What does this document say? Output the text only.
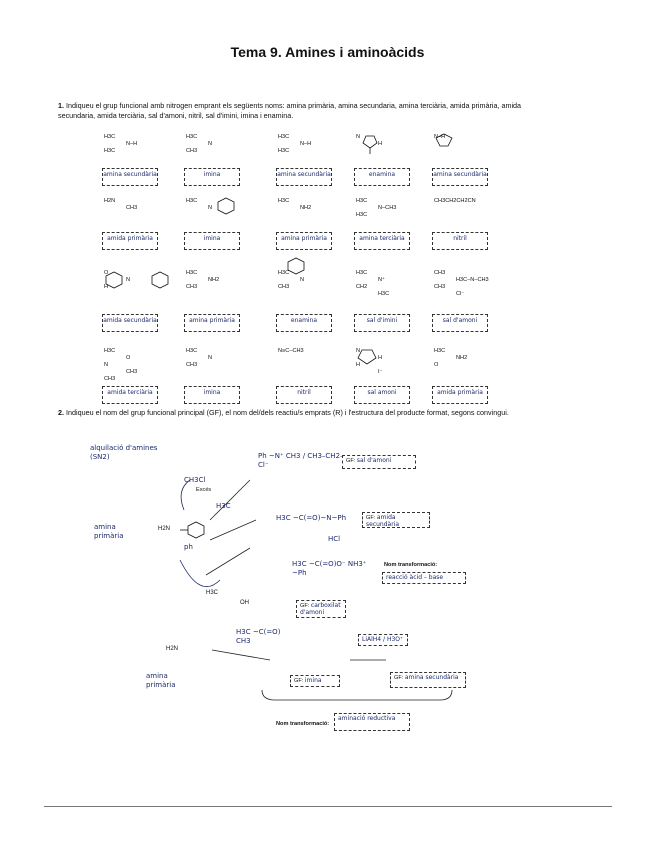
Tema 9. Amines i aminoàcids
1. Indiqueu el grup funcional amb nitrogen emprant els següents noms: amina primària, amina secundaria, amina terciària, amida primària, amida secundaria, amida terciària, sal d'amoni, nitril, sal d'imini, imina i enamina.
H3C
N–H
H3C
amina secundària
H3C
N
CH3
imina
H3C
N–H
H3C
amina secundària
N
H
enamina
N–H
amina secundària
H2N
CH3
amida primària
H3C
N
imina
H3C
NH2
amina primària
H3C
N–CH3
H3C
amina terciària
CH3CH2CH2CN
nitril
O
N
H
amida secundària
H3C
NH2
CH3
amina primària
H3C
N
CH3
enamina
H3C
N⁺
CH2
H3C
sal d'imini
CH3
H3C–N–CH3
CH3
Cl⁻
sal d'amoni
H3C
O
N
CH3
CH3
amida terciària
H3C
N
CH3
imina
N≡C–CH3
nitril
N
H
H
I⁻
sal amoni
H3C
NH2
O
amida primària
2. Indiqueu el nom del grup funcional principal (GF), el nom del/dels reactiu/s emprats (R) i l'estructura del producte format, segons convingui.
alquilació d'amines (SN2)
amina primària
amina primària
ph
CH3Cl
Excés
H2N
Ph ~N⁺ CH3 / CH3–CH2–Cl⁻	GF: sal d'amoni
H3C
H3C ~C(=O)~N~Ph
HCl
GF: amida secundària
H3C ~C(=O)O⁻ NH3⁺ ~Ph
Nom transformació:
reacció àcid – base
GF: carboxilat d'amoni
H3C
OH
H2N
H3C ~C(=O) CH3
GF: imina
LiAlH4 / H3O⁺
GF: amina secundària
Nom transformació:
aminació reductiva
